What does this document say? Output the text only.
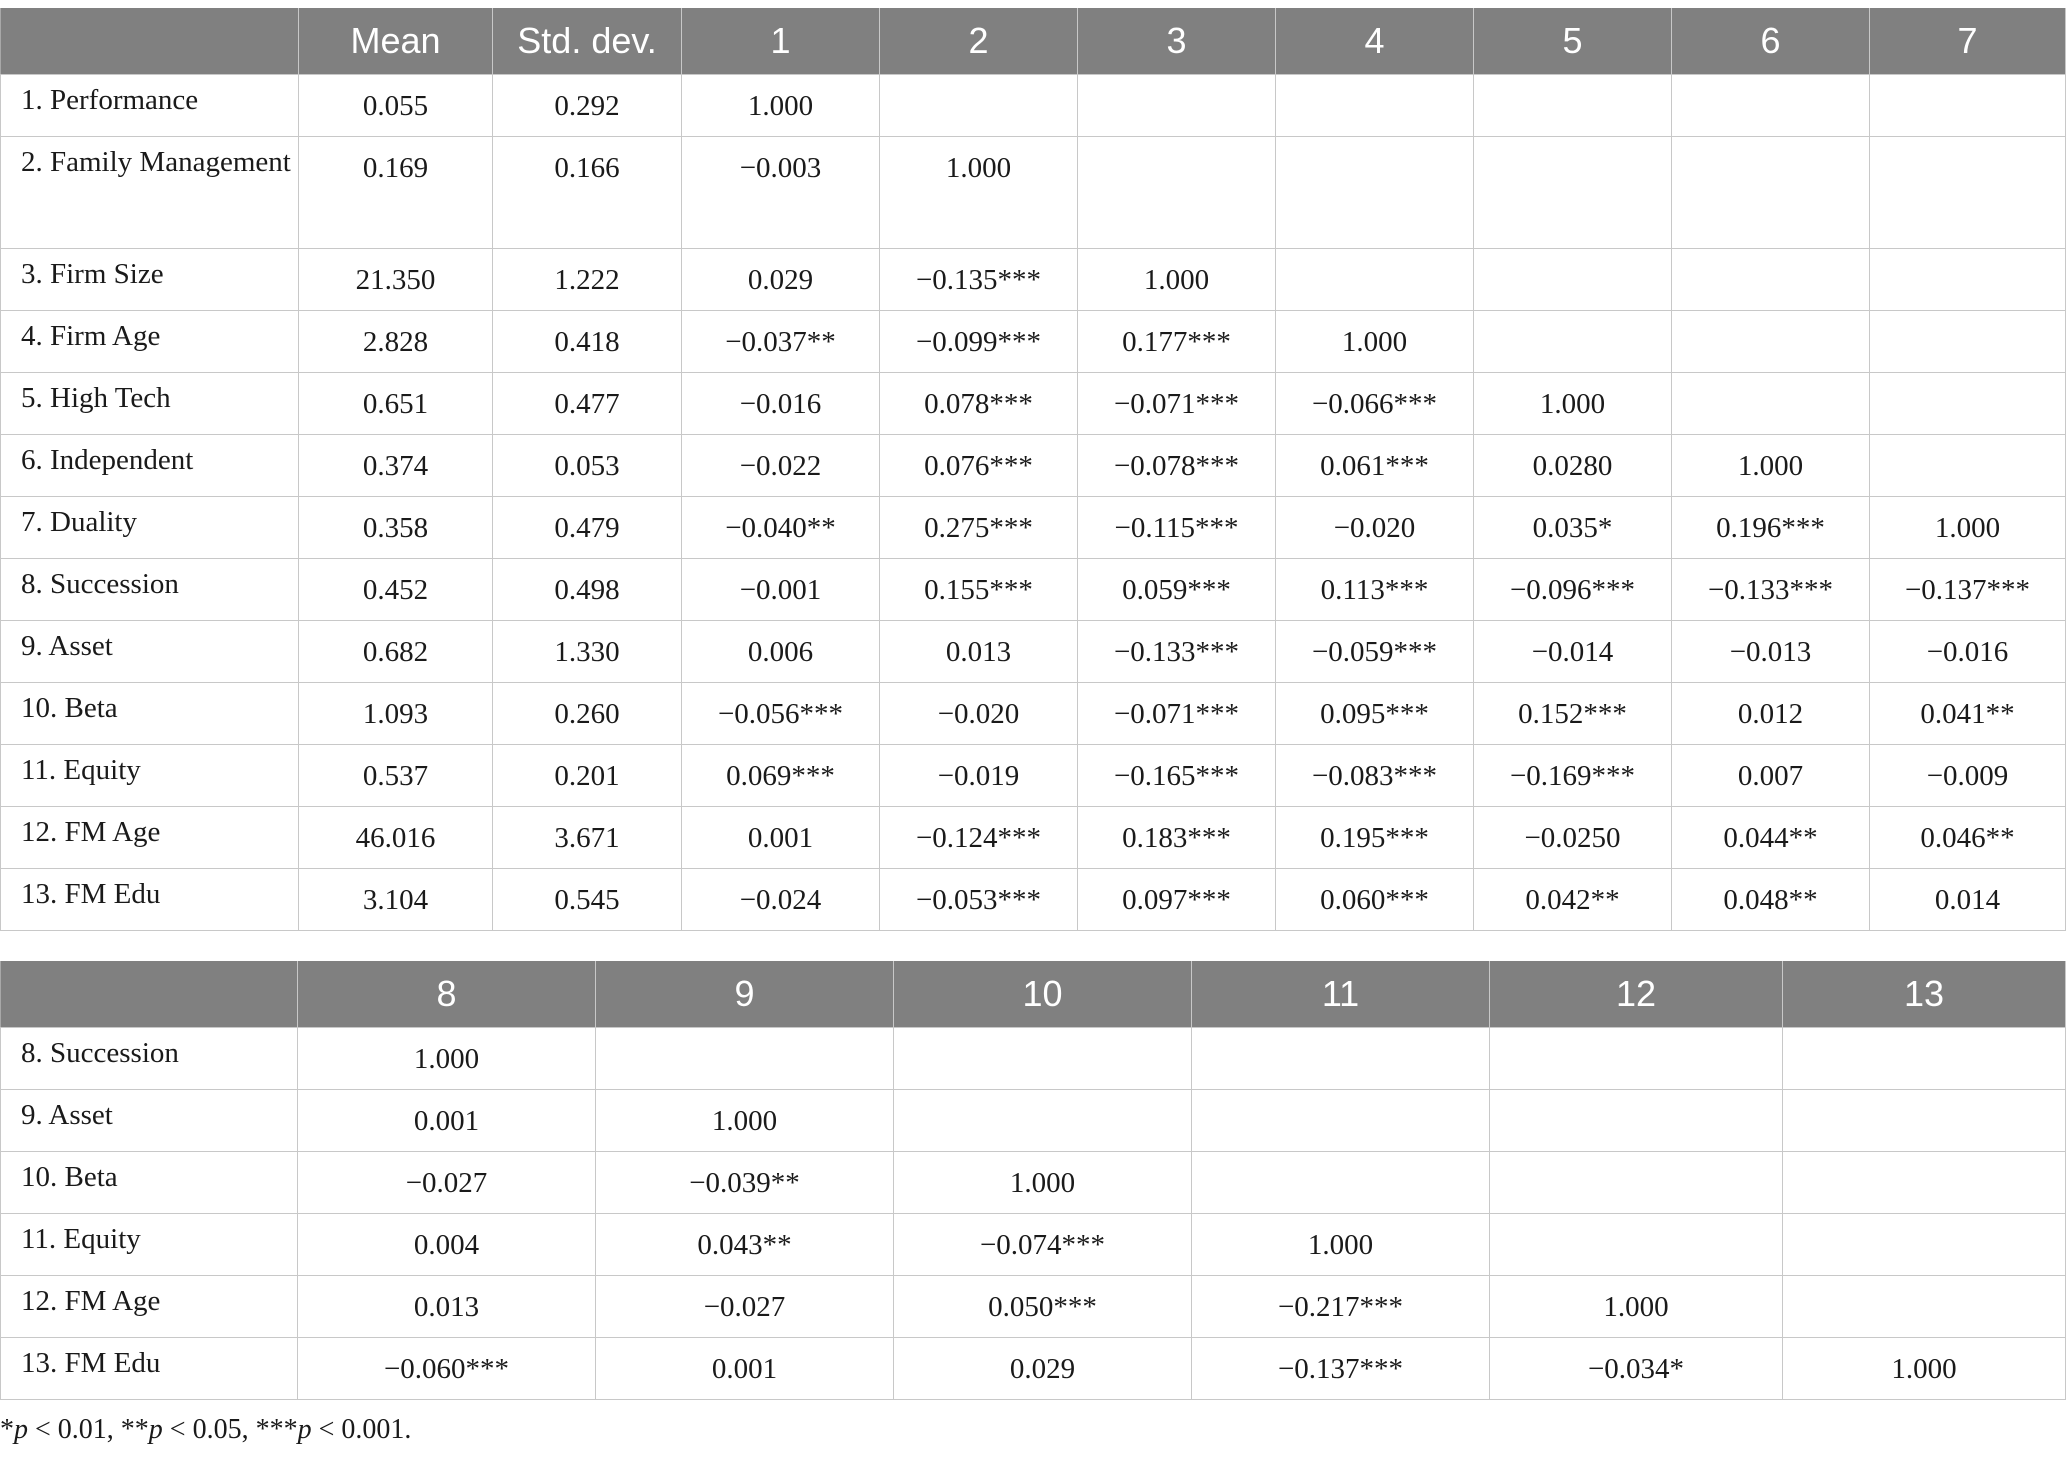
	Mean	Std. dev.	1	2	3	4	5	6	7
1. Performance	0.055	0.292	1.000						
2. Family Management	0.169	0.166	−0.003	1.000					
3. Firm Size	21.350	1.222	0.029	−0.135***	1.000				
4. Firm Age	2.828	0.418	−0.037**	−0.099***	0.177***	1.000			
5. High Tech	0.651	0.477	−0.016	0.078***	−0.071***	−0.066***	1.000		
6. Independent	0.374	0.053	−0.022	0.076***	−0.078***	0.061***	0.0280	1.000	
7. Duality	0.358	0.479	−0.040**	0.275***	−0.115***	−0.020	0.035*	0.196***	1.000
8. Succession	0.452	0.498	−0.001	0.155***	0.059***	0.113***	−0.096***	−0.133***	−0.137***
9. Asset	0.682	1.330	0.006	0.013	−0.133***	−0.059***	−0.014	−0.013	−0.016
10. Beta	1.093	0.260	−0.056***	−0.020	−0.071***	0.095***	0.152***	0.012	0.041**
11. Equity	0.537	0.201	0.069***	−0.019	−0.165***	−0.083***	−0.169***	0.007	−0.009
12. FM Age	46.016	3.671	0.001	−0.124***	0.183***	0.195***	−0.0250	0.044**	0.046**
13. FM Edu	3.104	0.545	−0.024	−0.053***	0.097***	0.060***	0.042**	0.048**	0.014
	8	9	10	11	12	13
8. Succession	1.000					
9. Asset	0.001	1.000				
10. Beta	−0.027	−0.039**	1.000			
11. Equity	0.004	0.043**	−0.074***	1.000		
12. FM Age	0.013	−0.027	0.050***	−0.217***	1.000	
13. FM Edu	−0.060***	0.001	0.029	−0.137***	−0.034*	1.000
*p < 0.01, **p < 0.05, ***p < 0.001.
